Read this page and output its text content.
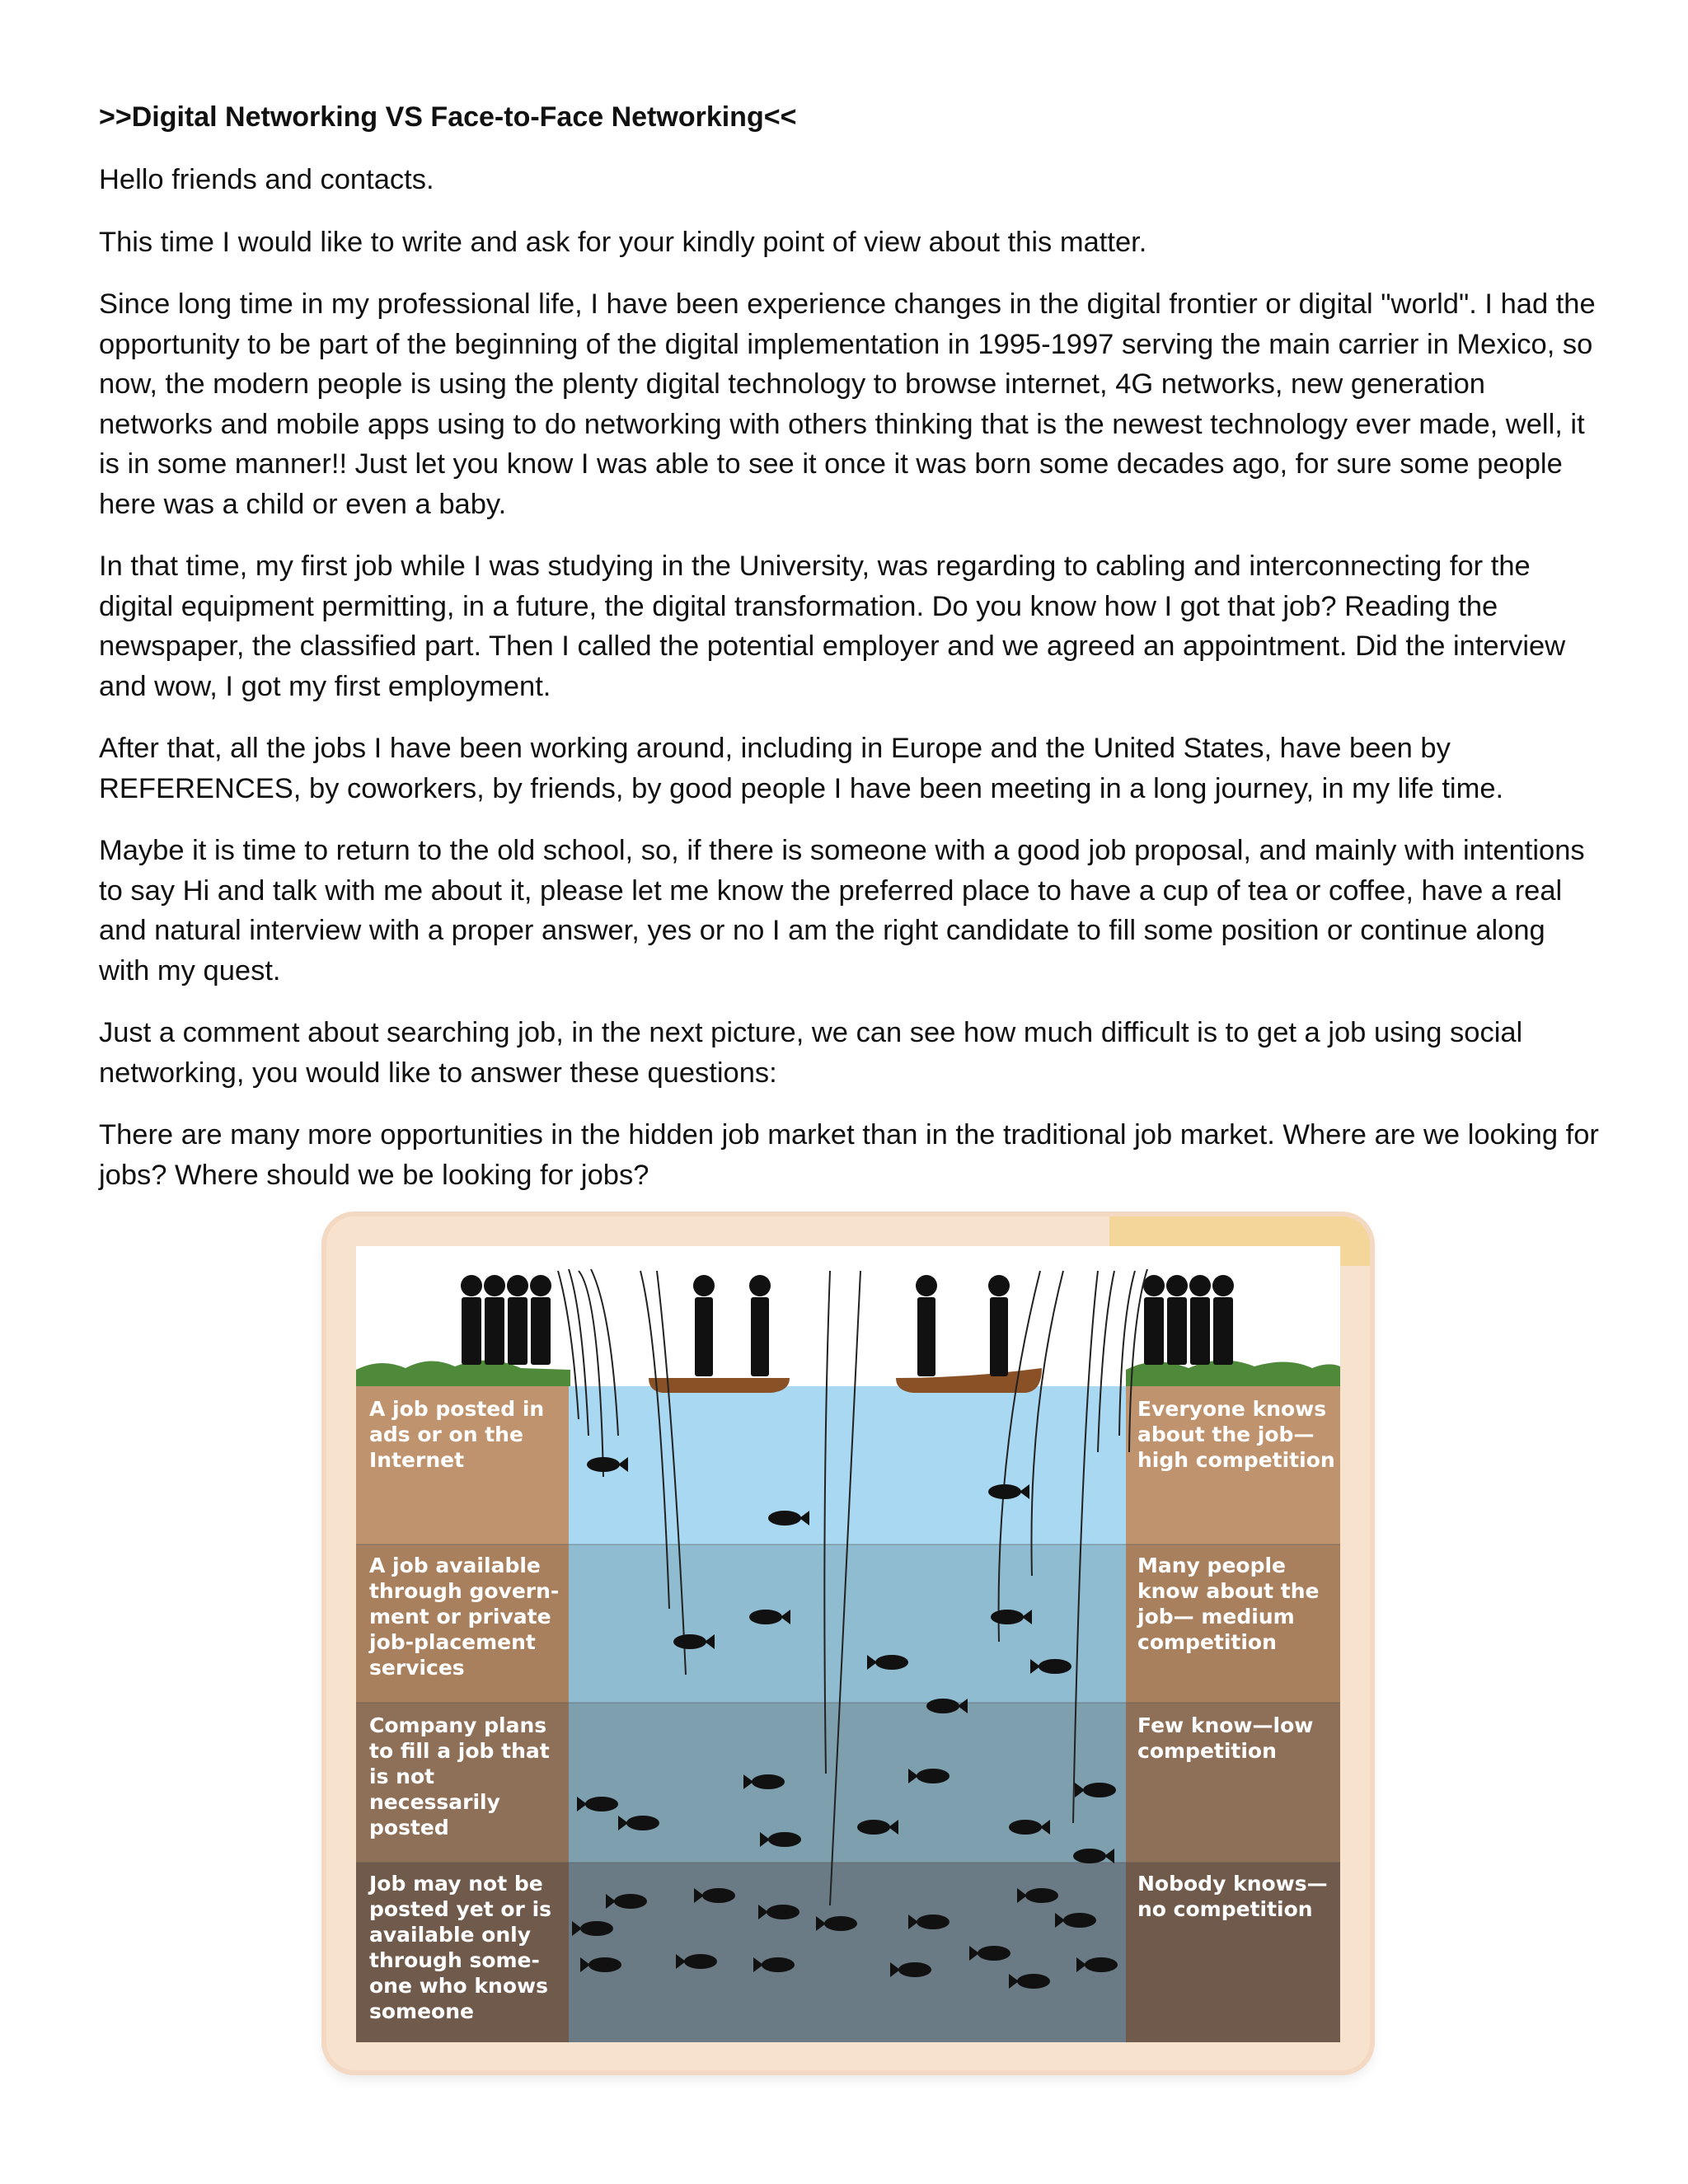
>>Digital Networking VS Face-to-Face Networking<<

Hello friends and contacts.

This time I would like to write and ask for your kindly point of view about this matter.

Since long time in my professional life, I have been experience changes in the digital frontier or digital "world". I had the opportunity to be part of the beginning of the digital implementation in 1995-1997 serving the main carrier in Mexico, so now, the modern people is using the plenty digital technology to browse internet, 4G networks, new generation networks and mobile apps using to do networking with others thinking that is the newest technology ever made, well, it is in some manner!! Just let you know I was able to see it once it was born some decades ago, for sure some people here was a child or even a baby.

In that time, my first job while I was studying in the University, was regarding to cabling and interconnecting for the digital equipment permitting, in a future, the digital transformation. Do you know how I got that job? Reading the newspaper, the classified part. Then I called the potential employer and we agreed an appointment. Did the interview and wow, I got my first employment.

After that, all the jobs I have been working around, including in Europe and the United States, have been by REFERENCES, by coworkers, by friends, by good people I have been meeting in a long journey, in my life time.

Maybe it is time to return to the old school, so, if there is someone with a good job proposal, and mainly with intentions to say Hi and talk with me about it, please let me know the preferred place to have a cup of tea or coffee, have a real and natural interview with a proper answer, yes or no I am the right candidate to fill some position or continue along with my quest.

Just a comment about searching job, in the next picture, we can see how much difficult is to get a job using social networking, you would like to answer these questions:

There are many more opportunities in the hidden job market than in the traditional job market. Where are we looking for jobs? Where should we be looking for jobs?

A job posted in ads or on the Internet
A job available through govern- ment or private job-placement services
Company plans to fill a job that is not necessarily posted
Job may not be posted yet or is available only through some- one who knows someone
Everyone knows about the job— high competition
Many people know about the job— medium competition
Few know—low competition
Nobody knows— no competition
